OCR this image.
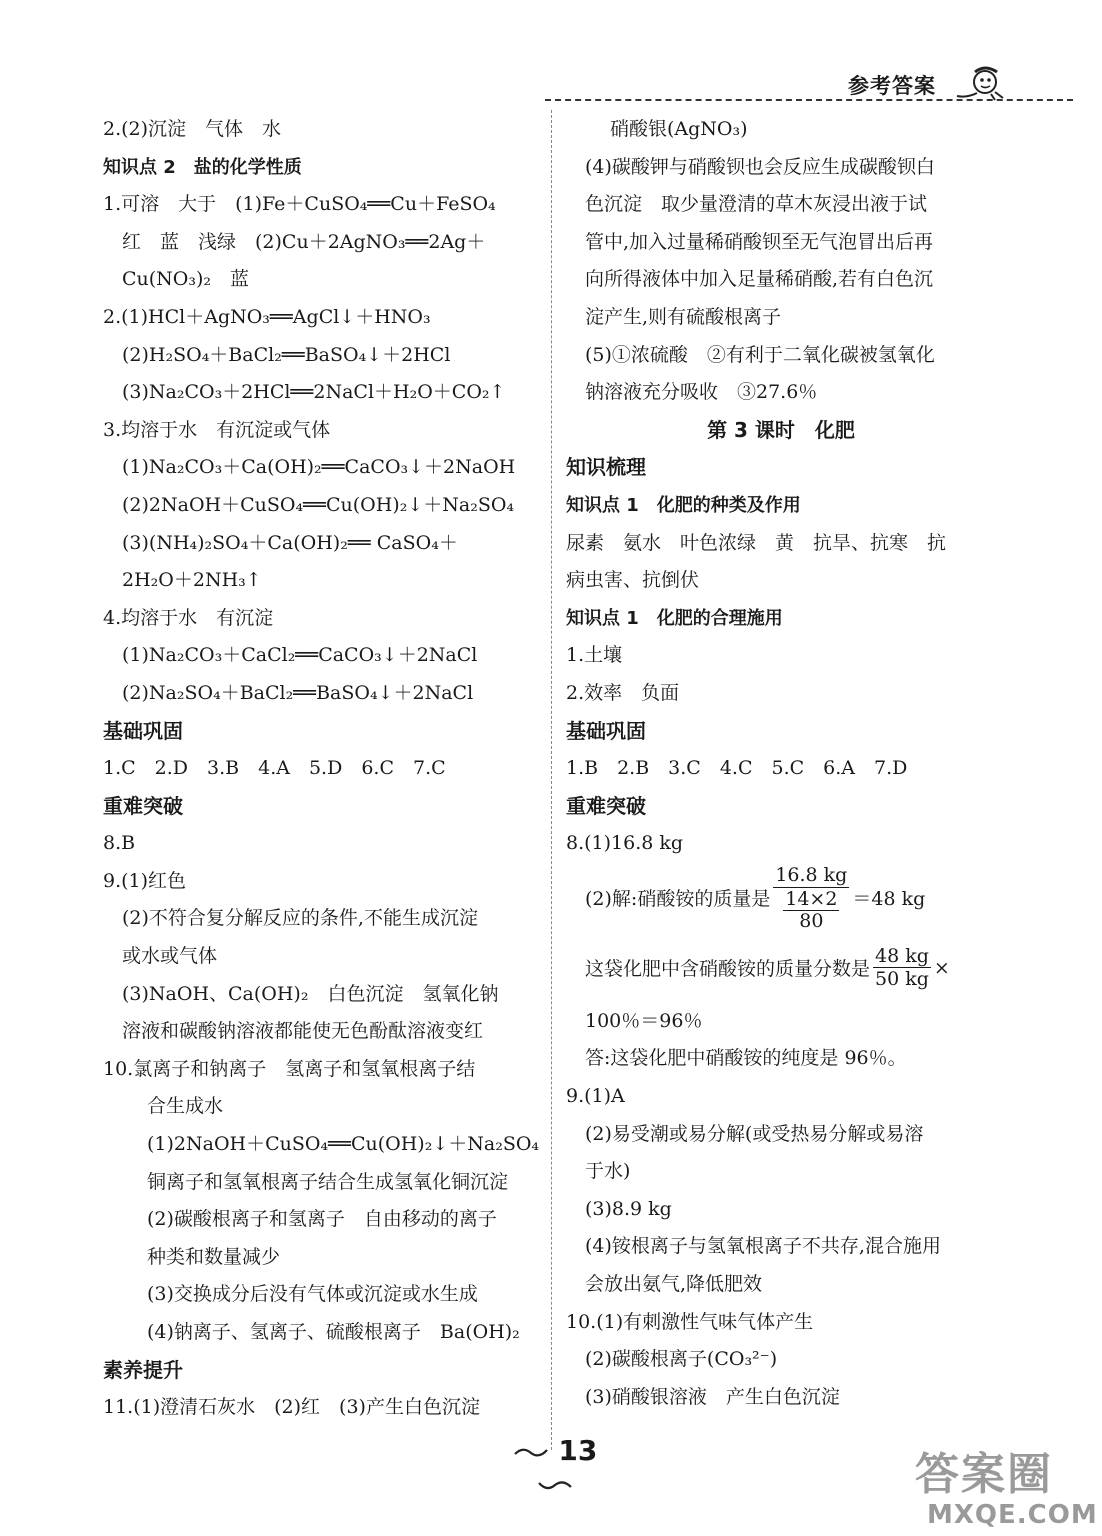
参考答案
2.(2)沉淀　气体　水
知识点 2　盐的化学性质
1.可溶　大于　(1)Fe＋CuSO₄══Cu＋FeSO₄
红　蓝　浅绿　(2)Cu＋2AgNO₃══2Ag＋
Cu(NO₃)₂　蓝
2.(1)HCl＋AgNO₃══AgCl↓＋HNO₃
(2)H₂SO₄＋BaCl₂══BaSO₄↓＋2HCl
(3)Na₂CO₃＋2HCl══2NaCl＋H₂O＋CO₂↑
3.均溶于水　有沉淀或气体
(1)Na₂CO₃＋Ca(OH)₂══CaCO₃↓＋2NaOH
(2)2NaOH＋CuSO₄══Cu(OH)₂↓＋Na₂SO₄
(3)(NH₄)₂SO₄＋Ca(OH)₂══ CaSO₄＋
2H₂O＋2NH₃↑
4.均溶于水　有沉淀
(1)Na₂CO₃＋CaCl₂══CaCO₃↓＋2NaCl
(2)Na₂SO₄＋BaCl₂══BaSO₄↓＋2NaCl
基础巩固
1.C　2.D　3.B　4.A　5.D　6.C　7.C
重难突破
8.B
9.(1)红色
(2)不符合复分解反应的条件,不能生成沉淀
或水或气体
(3)NaOH、Ca(OH)₂　白色沉淀　氢氧化钠
溶液和碳酸钠溶液都能使无色酚酞溶液变红
10.氯离子和钠离子　氢离子和氢氧根离子结
合生成水
(1)2NaOH＋CuSO₄══Cu(OH)₂↓＋Na₂SO₄
铜离子和氢氧根离子结合生成氢氧化铜沉淀
(2)碳酸根离子和氢离子　自由移动的离子
种类和数量减少
(3)交换成分后没有气体或沉淀或水生成
(4)钠离子、氢离子、硫酸根离子　Ba(OH)₂
素养提升
11.(1)澄清石灰水　(2)红　(3)产生白色沉淀
硝酸银(AgNO₃)
(4)碳酸钾与硝酸钡也会反应生成碳酸钡白
色沉淀　取少量澄清的草木灰浸出液于试
管中,加入过量稀硝酸钡至无气泡冒出后再
向所得液体中加入足量稀硝酸,若有白色沉
淀产生,则有硫酸根离子
(5)①浓硫酸　②有利于二氧化碳被氢氧化
钠溶液充分吸收　③27.6％
第 3 课时　化肥
知识梳理
知识点 1　化肥的种类及作用
尿素　氨水　叶色浓绿　黄　抗旱、抗寒　抗
病虫害、抗倒伏
知识点 1　化肥的合理施用
1.土壤
2.效率　负面
基础巩固
1.B　2.B　3.C　4.C　5.C　6.A　7.D
重难突破
8.(1)16.8 kg
(2)解:硝酸铵的质量是 $\frac{16.8 kg}{\frac{14\times 2}{80}} =48$ kg
这袋化肥中含硝酸铵的质量分数是 $\frac{48 kg}{50 kg}$ ×
100％＝96％
答:这袋化肥中硝酸铵的纯度是 96％。
9.(1)A
(2)易受潮或易分解(或受热易分解或易溶
于水)
(3)8.9 kg
(4)铵根离子与氢氧根离子不共存,混合施用
会放出氨气,降低肥效
10.(1)有刺激性气味气体产生
(2)碳酸根离子(CO₃²⁻)
(3)硝酸银溶液　产生白色沉淀
13	答案圈
MXQE.COM
